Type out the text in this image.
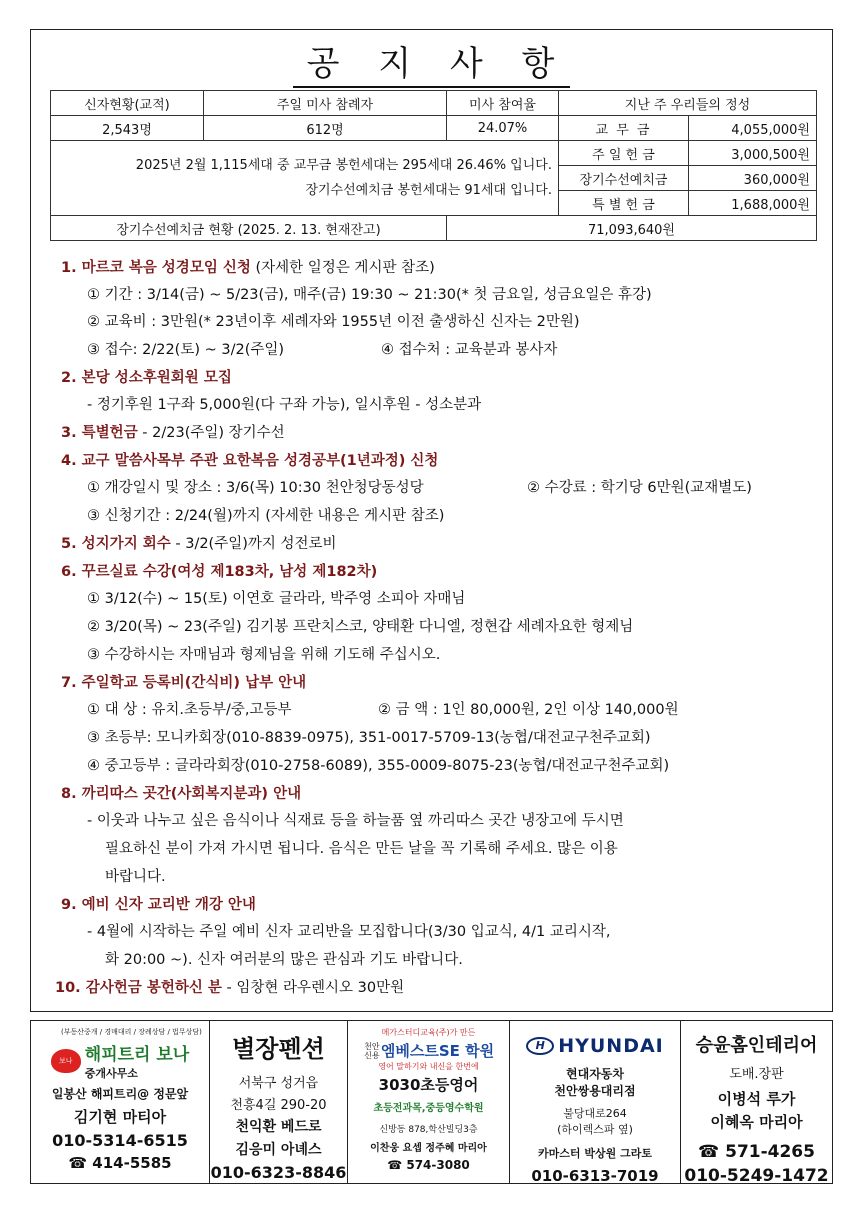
공 지 사 항
신자현황(교적)	주일 미사 참례자	미사 참여율	지난 주 우리들의 정성	
2,543명	612명	24.07%	교 무 금	4,055,000원

2025년 2월 1,115세대 중 교무금 봉헌세대는 295세대 26.46% 입니다.
장기수선예치금 봉헌세대는 91세대 입니다.			주 일 헌 금	3,000,500원
			장기수선예치금	360,000원
			특 별 헌 금	1,688,000원
장기수선예치금 현황 (2025. 2. 13. 현재잔고)		71,093,640원		
1. 마르코 복음 성경모임 신청 (자세한 일정은 게시판 참조)
① 기간 : 3/14(금) ~ 5/23(금), 매주(금) 19:30 ~ 21:30(* 첫 금요일, 성금요일은 휴강)
② 교육비 : 3만원(* 23년이후 세례자와 1955년 이전 출생하신 신자는 2만원)
③ 접수: 2/22(토) ~ 3/2(주일)	④ 접수처 : 교육분과 봉사자
2. 본당 성소후원회원 모집
- 정기후원 1구좌 5,000원(다 구좌 가능), 일시후원 - 성소분과
3. 특별헌금 - 2/23(주일) 장기수선
4. 교구 말씀사목부 주관 요한복음 성경공부(1년과정) 신청
① 개강일시 및 장소 : 3/6(목) 10:30 천안청당동성당	② 수강료 : 학기당 6만원(교재별도)
③ 신청기간 : 2/24(월)까지 (자세한 내용은 게시판 참조)
5. 성지가지 회수 - 3/2(주일)까지 성전로비
6. 꾸르실료 수강(여성 제183차, 남성 제182차)
① 3/12(수) ~ 15(토) 이연호 글라라, 박주영 소피아 자매님
② 3/20(목) ~ 23(주일) 김기봉 프란치스코, 양태환 다니엘, 정현갑 세례자요한 형제님
③ 수강하시는 자매님과 형제님을 위해 기도해 주십시오.
7. 주일학교 등록비(간식비) 납부 안내
① 대 상 : 유치.초등부/중,고등부	② 금 액 : 1인 80,000원, 2인 이상 140,000원
③ 초등부: 모니카회장(010-8839-0975), 351-0017-5709-13(농협/대전교구천주교회)
④ 중고등부 : 글라라회장(010-2758-6089), 355-0009-8075-23(농협/대전교구천주교회)
8. 까리따스 곳간(사회복지분과) 안내
- 이웃과 나누고 싶은 음식이나 식재료 등을 하늘품 옆 까리따스 곳간 냉장고에 두시면
필요하신 분이 가져 가시면 됩니다. 음식은 만든 날을 꼭 기록해 주세요. 많은 이용
바랍니다.
9. 예비 신자 교리반 개강 안내
- 4월에 시작하는 주일 예비 신자 교리반을 모집합니다(3/30 입교식, 4/1 교리시작,
화 20:00 ~). 신자 여러분의 많은 관심과 기도 바랍니다.
10. 감사헌금 봉헌하신 분 - 임창현 라우렌시오 30만원
(부동산중개 / 경매대리 / 장례상담 / 법무상담)
보나 해피트리 보나
중개사무소
일봉산 해피트리@ 정문앞
김기현 마티아
010-5314-6515
☎ 414-5585
별장펜션
서북구 성거읍
천흥4길 290-20
천익환 베드로
김응미 아녜스
010-6323-8846
메가스터디교육(주)가 만든
천안 신용 엠베스트SE 학원
영어 말하기와 내신을 한번에
3030초등영어
초등전과목,중등영수학원
신방동 878,학산빌딩3층
이찬웅 요셉 정주혜 마리아
☎ 574-3080
H HYUNDAI
현대자동차
천안쌍용대리점
불당대로264
(하이렉스파 옆)
카마스터 박상원 그라토
010-6313-7019
승윤홈인테리어
도배.장판
이병석 루가
이혜옥 마리아
☎ 571-4265
010-5249-1472
